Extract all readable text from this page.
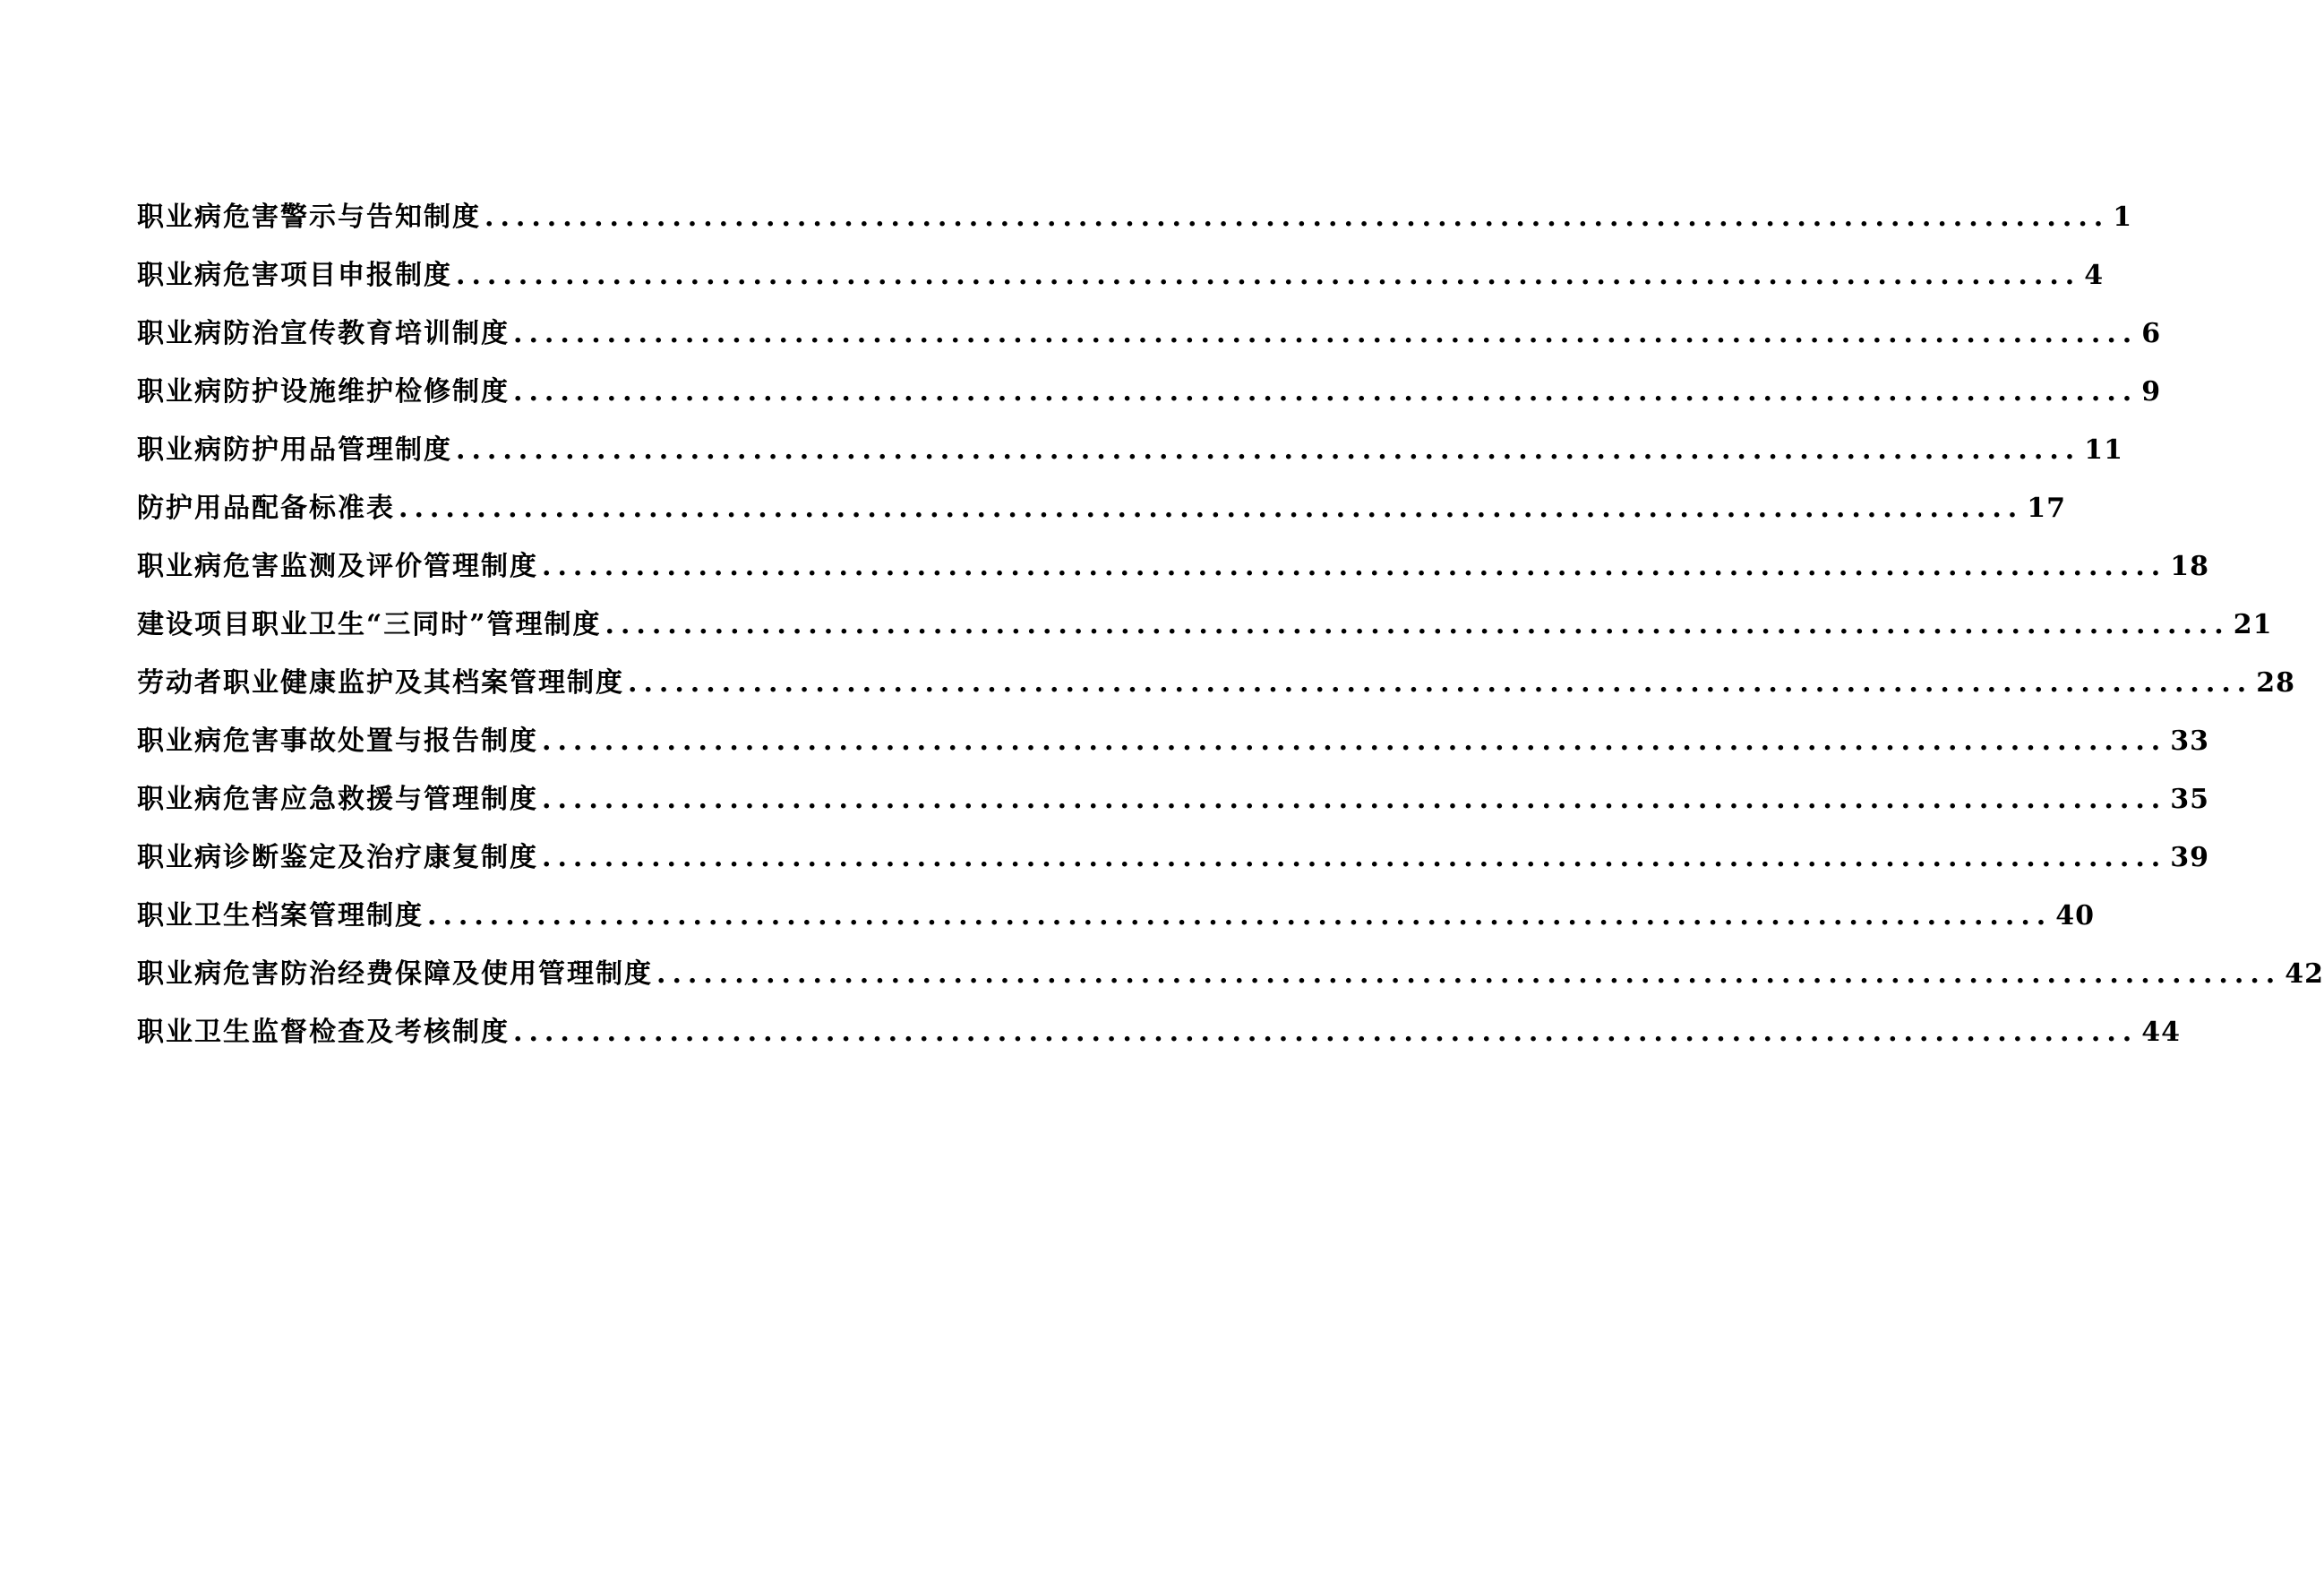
职业病危害警示与告知制度 ........................................................................................................ 1
职业病危害项目申报制度 ........................................................................................................ 4
职业病防治宣传教育培训制度 ........................................................................................................ 6
职业病防护设施维护检修制度 ........................................................................................................ 9
职业病防护用品管理制度 ........................................................................................................ 11
防护用品配备标准表 ........................................................................................................ 17
职业病危害监测及评价管理制度 ........................................................................................................ 18
建设项目职业卫生“三同时”管理制度 ........................................................................................................ 21
劳动者职业健康监护及其档案管理制度 ........................................................................................................ 28
职业病危害事故处置与报告制度 ........................................................................................................ 33
职业病危害应急救援与管理制度 ........................................................................................................ 35
职业病诊断鉴定及治疗康复制度 ........................................................................................................ 39
职业卫生档案管理制度 ........................................................................................................ 40
职业病危害防治经费保障及使用管理制度 ........................................................................................................ 42
职业卫生监督检查及考核制度 ........................................................................................................ 44
